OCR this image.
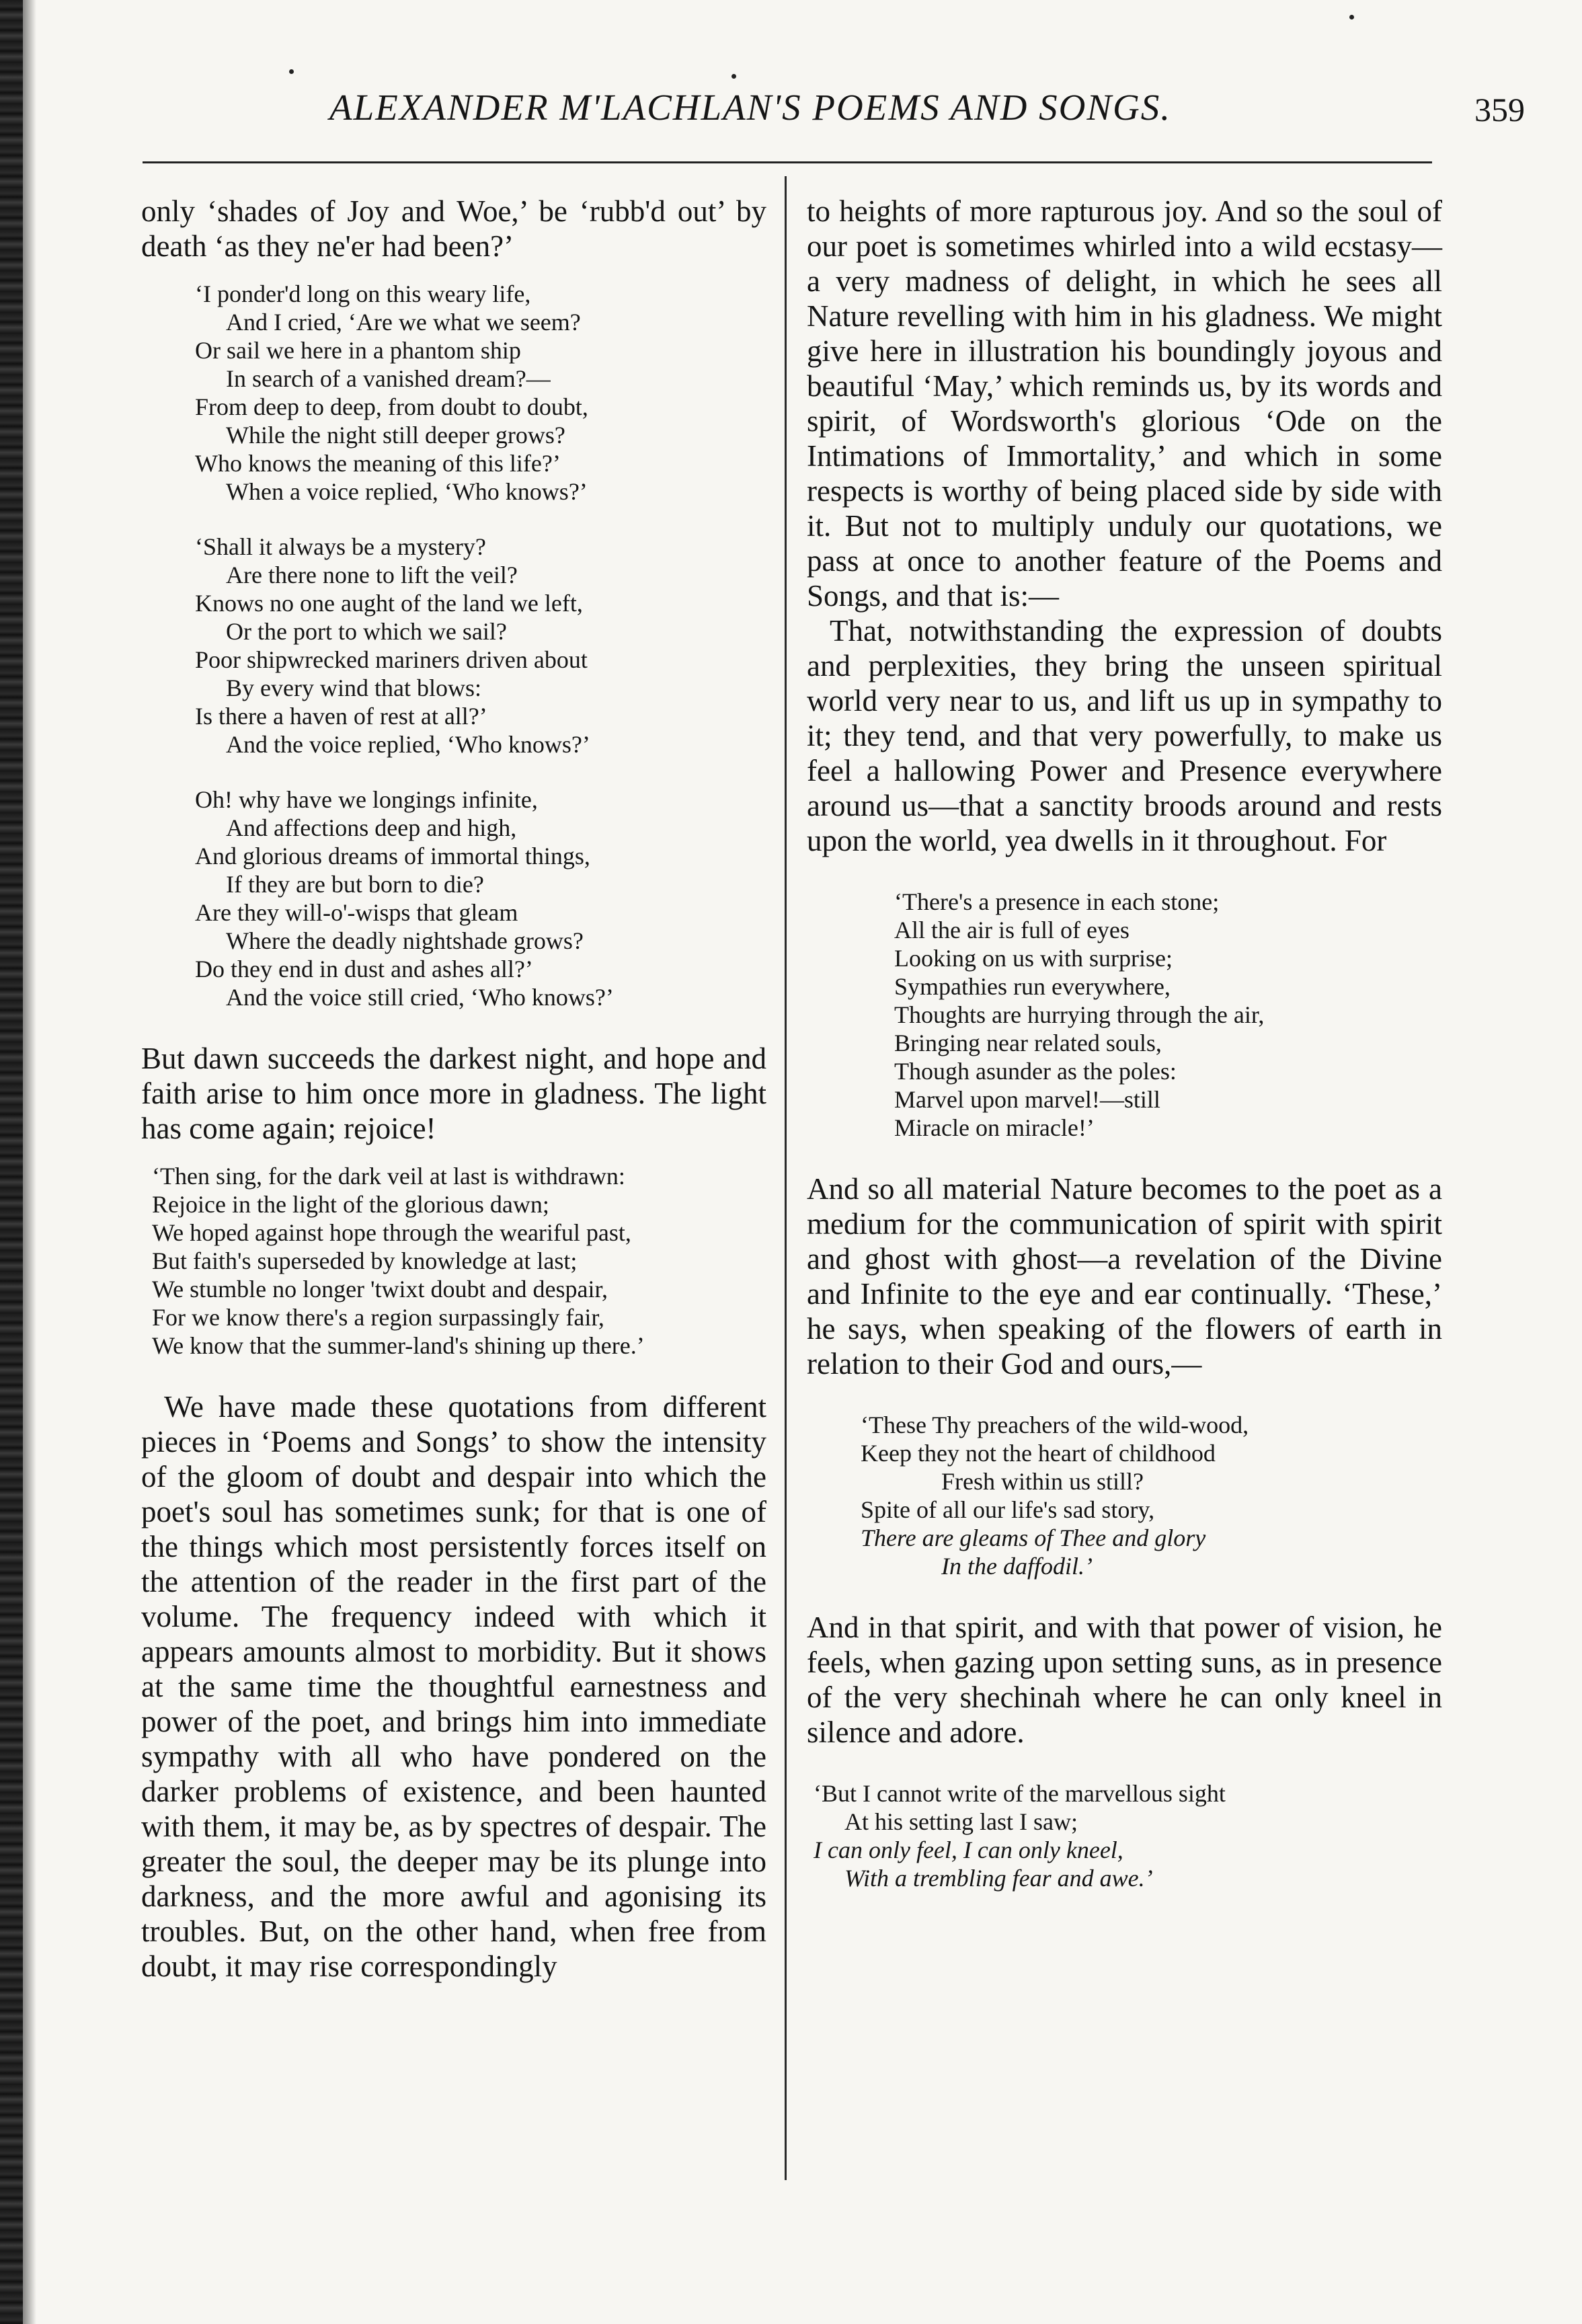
ALEXANDER M'LACHLAN'S POEMS AND SONGS.	359

only ‘shades of Joy and Woe,’ be ‘rubb'd out’ by death ‘as they ne'er had been?’

‘I ponder'd long on this weary life,
And I cried, ‘Are we what we seem?
Or sail we here in a phantom ship
In search of a vanished dream?—
From deep to deep, from doubt to doubt,
While the night still deeper grows?
Who knows the meaning of this life?’
When a voice replied, ‘Who knows?’
‘Shall it always be a mystery?
Are there none to lift the veil?
Knows no one aught of the land we left,
Or the port to which we sail?
Poor shipwrecked mariners driven about
By every wind that blows:
Is there a haven of rest at all?’
And the voice replied, ‘Who knows?’
Oh! why have we longings infinite,
And affections deep and high,
And glorious dreams of immortal things,
If they are but born to die?
Are they will-o'-wisps that gleam
Where the deadly nightshade grows?
Do they end in dust and ashes all?’
And the voice still cried, ‘Who knows?’

But dawn succeeds the darkest night, and hope and faith arise to him once more in gladness. The light has come again; rejoice!

‘Then sing, for the dark veil at last is withdrawn:
Rejoice in the light of the glorious dawn;
We hoped against hope through the weariful past,
But faith's superseded by knowledge at last;
We stumble no longer 'twixt doubt and despair,
For we know there's a region surpassingly fair,
We know that the summer-land's shining up there.’

We have made these quotations from different pieces in ‘Poems and Songs’ to show the intensity of the gloom of doubt and despair into which the poet's soul has sometimes sunk; for that is one of the things which most persistently forces itself on the attention of the reader in the first part of the volume. The frequency indeed with which it appears amounts almost to morbidity. But it shows at the same time the thoughtful earnestness and power of the poet, and brings him into immediate sympathy with all who have pondered on the darker problems of existence, and been haunted with them, it may be, as by spectres of despair. The greater the soul, the deeper may be its plunge into darkness, and the more awful and agonising its troubles. But, on the other hand, when free from doubt, it may rise correspondingly

to heights of more rapturous joy. And so the soul of our poet is sometimes whirled into a wild ecstasy—a very madness of delight, in which he sees all Nature revelling with him in his gladness. We might give here in illustration his boundingly joyous and beautiful ‘May,’ which reminds us, by its words and spirit, of Wordsworth's glorious ‘Ode on the Intimations of Immortality,’ and which in some respects is worthy of being placed side by side with it. But not to multiply unduly our quotations, we pass at once to another feature of the Poems and Songs, and that is:—

That, notwithstanding the expression of doubts and perplexities, they bring the unseen spiritual world very near to us, and lift us up in sympathy to it; they tend, and that very powerfully, to make us feel a hallowing Power and Presence everywhere around us—that a sanctity broods around and rests upon the world, yea dwells in it throughout. For

‘There's a presence in each stone;
All the air is full of eyes
Looking on us with surprise;
Sympathies run everywhere,
Thoughts are hurrying through the air,
Bringing near related souls,
Though asunder as the poles:
Marvel upon marvel!—still
Miracle on miracle!’

And so all material Nature becomes to the poet as a medium for the communication of spirit with spirit and ghost with ghost—a revelation of the Divine and Infinite to the eye and ear continually. ‘These,’ he says, when speaking of the flowers of earth in relation to their God and ours,—

‘These Thy preachers of the wild-wood,
Keep they not the heart of childhood
Fresh within us still?
Spite of all our life's sad story,
There are gleams of Thee and glory
In the daffodil.’

And in that spirit, and with that power of vision, he feels, when gazing upon setting suns, as in presence of the very shechinah where he can only kneel in silence and adore.

‘But I cannot write of the marvellous sight
At his setting last I saw;
I can only feel, I can only kneel,
With a trembling fear and awe.’
